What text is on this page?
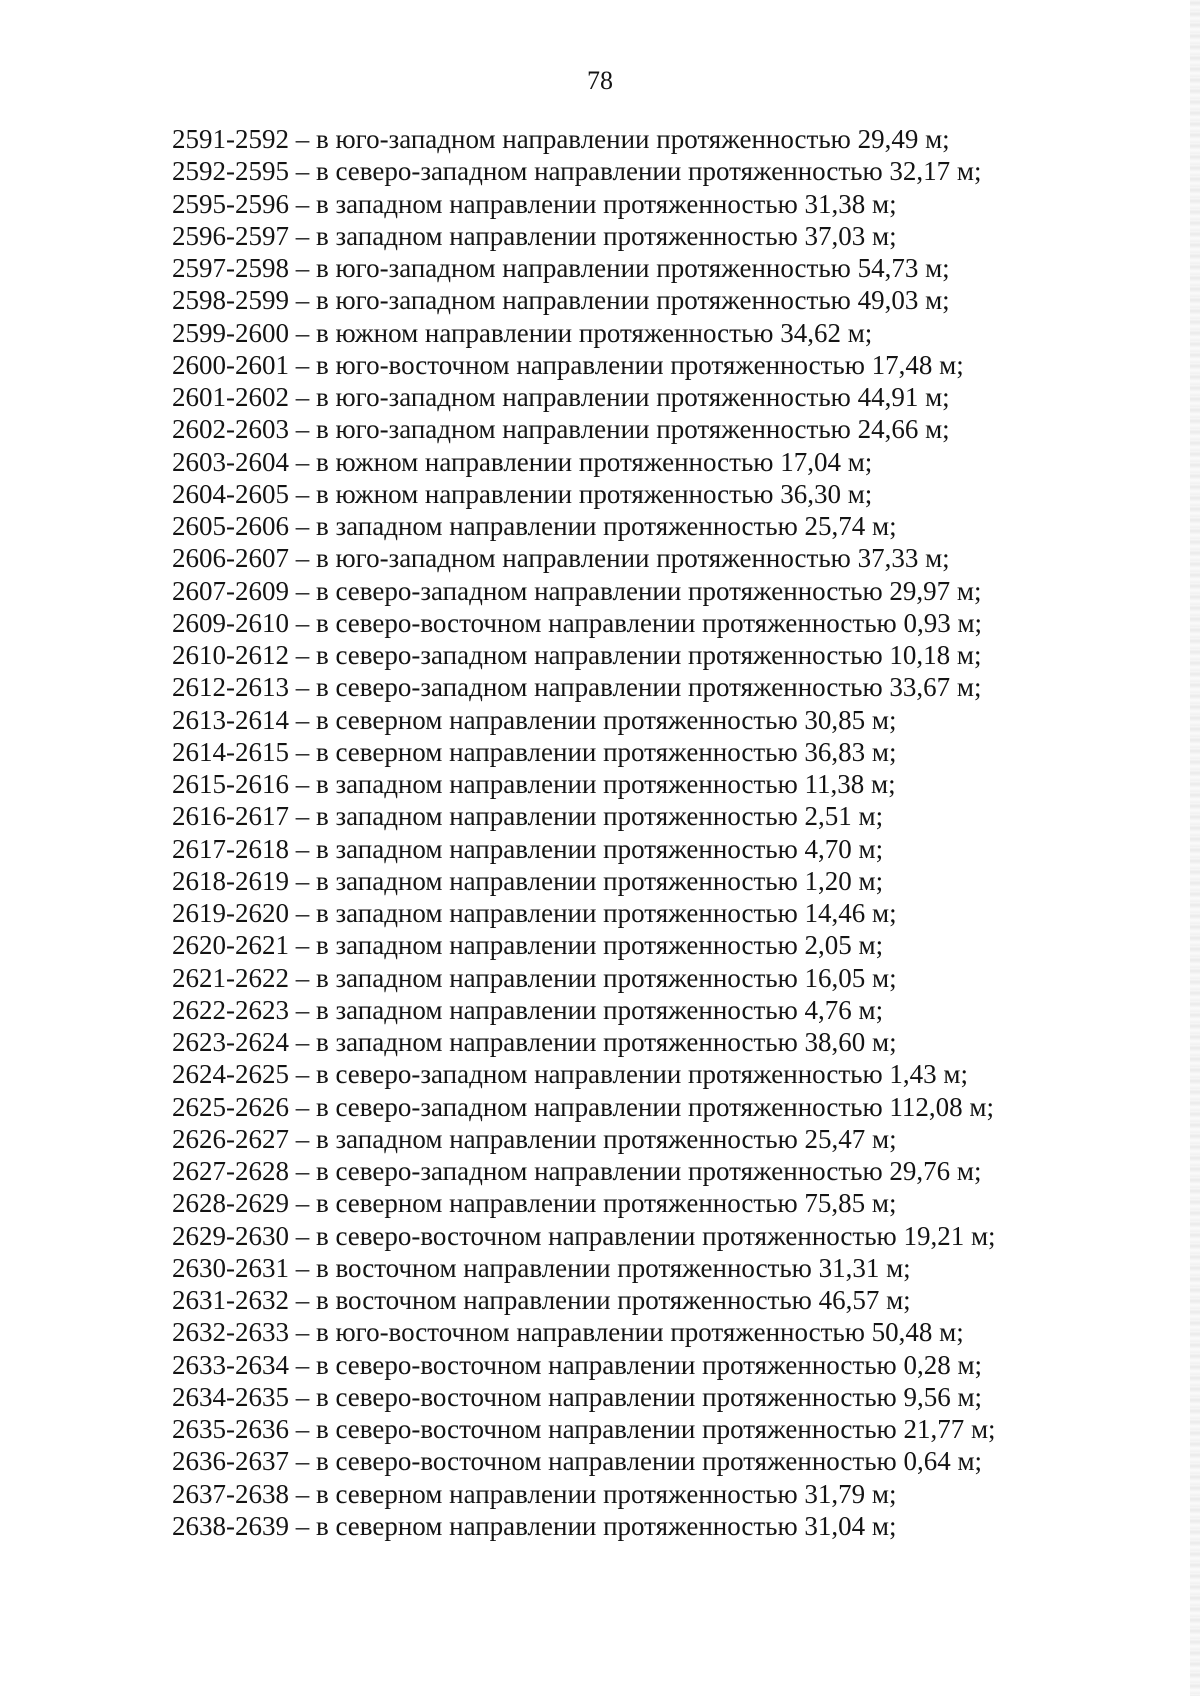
78
2591-2592 – в юго-западном направлении протяженностью 29,49 м;
2592-2595 – в северо-западном направлении протяженностью 32,17 м;
2595-2596 – в западном направлении протяженностью 31,38 м;
2596-2597 – в западном направлении протяженностью 37,03 м;
2597-2598 – в юго-западном направлении протяженностью 54,73 м;
2598-2599 – в юго-западном направлении протяженностью 49,03 м;
2599-2600 – в южном направлении протяженностью 34,62 м;
2600-2601 – в юго-восточном направлении протяженностью 17,48 м;
2601-2602 – в юго-западном направлении протяженностью 44,91 м;
2602-2603 – в юго-западном направлении протяженностью 24,66 м;
2603-2604 – в южном направлении протяженностью 17,04 м;
2604-2605 – в южном направлении протяженностью 36,30 м;
2605-2606 – в западном направлении протяженностью 25,74 м;
2606-2607 – в юго-западном направлении протяженностью 37,33 м;
2607-2609 – в северо-западном направлении протяженностью 29,97 м;
2609-2610 – в северо-восточном направлении протяженностью 0,93 м;
2610-2612 – в северо-западном направлении протяженностью 10,18 м;
2612-2613 – в северо-западном направлении протяженностью 33,67 м;
2613-2614 – в северном направлении протяженностью 30,85 м;
2614-2615 – в северном направлении протяженностью 36,83 м;
2615-2616 – в западном направлении протяженностью 11,38 м;
2616-2617 – в западном направлении протяженностью 2,51 м;
2617-2618 – в западном направлении протяженностью 4,70 м;
2618-2619 – в западном направлении протяженностью 1,20 м;
2619-2620 – в западном направлении протяженностью 14,46 м;
2620-2621 – в западном направлении протяженностью 2,05 м;
2621-2622 – в западном направлении протяженностью 16,05 м;
2622-2623 – в западном направлении протяженностью 4,76 м;
2623-2624 – в западном направлении протяженностью 38,60 м;
2624-2625 – в северо-западном направлении протяженностью 1,43 м;
2625-2626 – в северо-западном направлении протяженностью 112,08 м;
2626-2627 – в западном направлении протяженностью 25,47 м;
2627-2628 – в северо-западном направлении протяженностью 29,76 м;
2628-2629 – в северном направлении протяженностью 75,85 м;
2629-2630 – в северо-восточном направлении протяженностью 19,21 м;
2630-2631 – в восточном направлении протяженностью 31,31 м;
2631-2632 – в восточном направлении протяженностью 46,57 м;
2632-2633 – в юго-восточном направлении протяженностью 50,48 м;
2633-2634 – в северо-восточном направлении протяженностью 0,28 м;
2634-2635 – в северо-восточном направлении протяженностью 9,56 м;
2635-2636 – в северо-восточном направлении протяженностью 21,77 м;
2636-2637 – в северо-восточном направлении протяженностью 0,64 м;
2637-2638 – в северном направлении протяженностью 31,79 м;
2638-2639 – в северном направлении протяженностью 31,04 м;
